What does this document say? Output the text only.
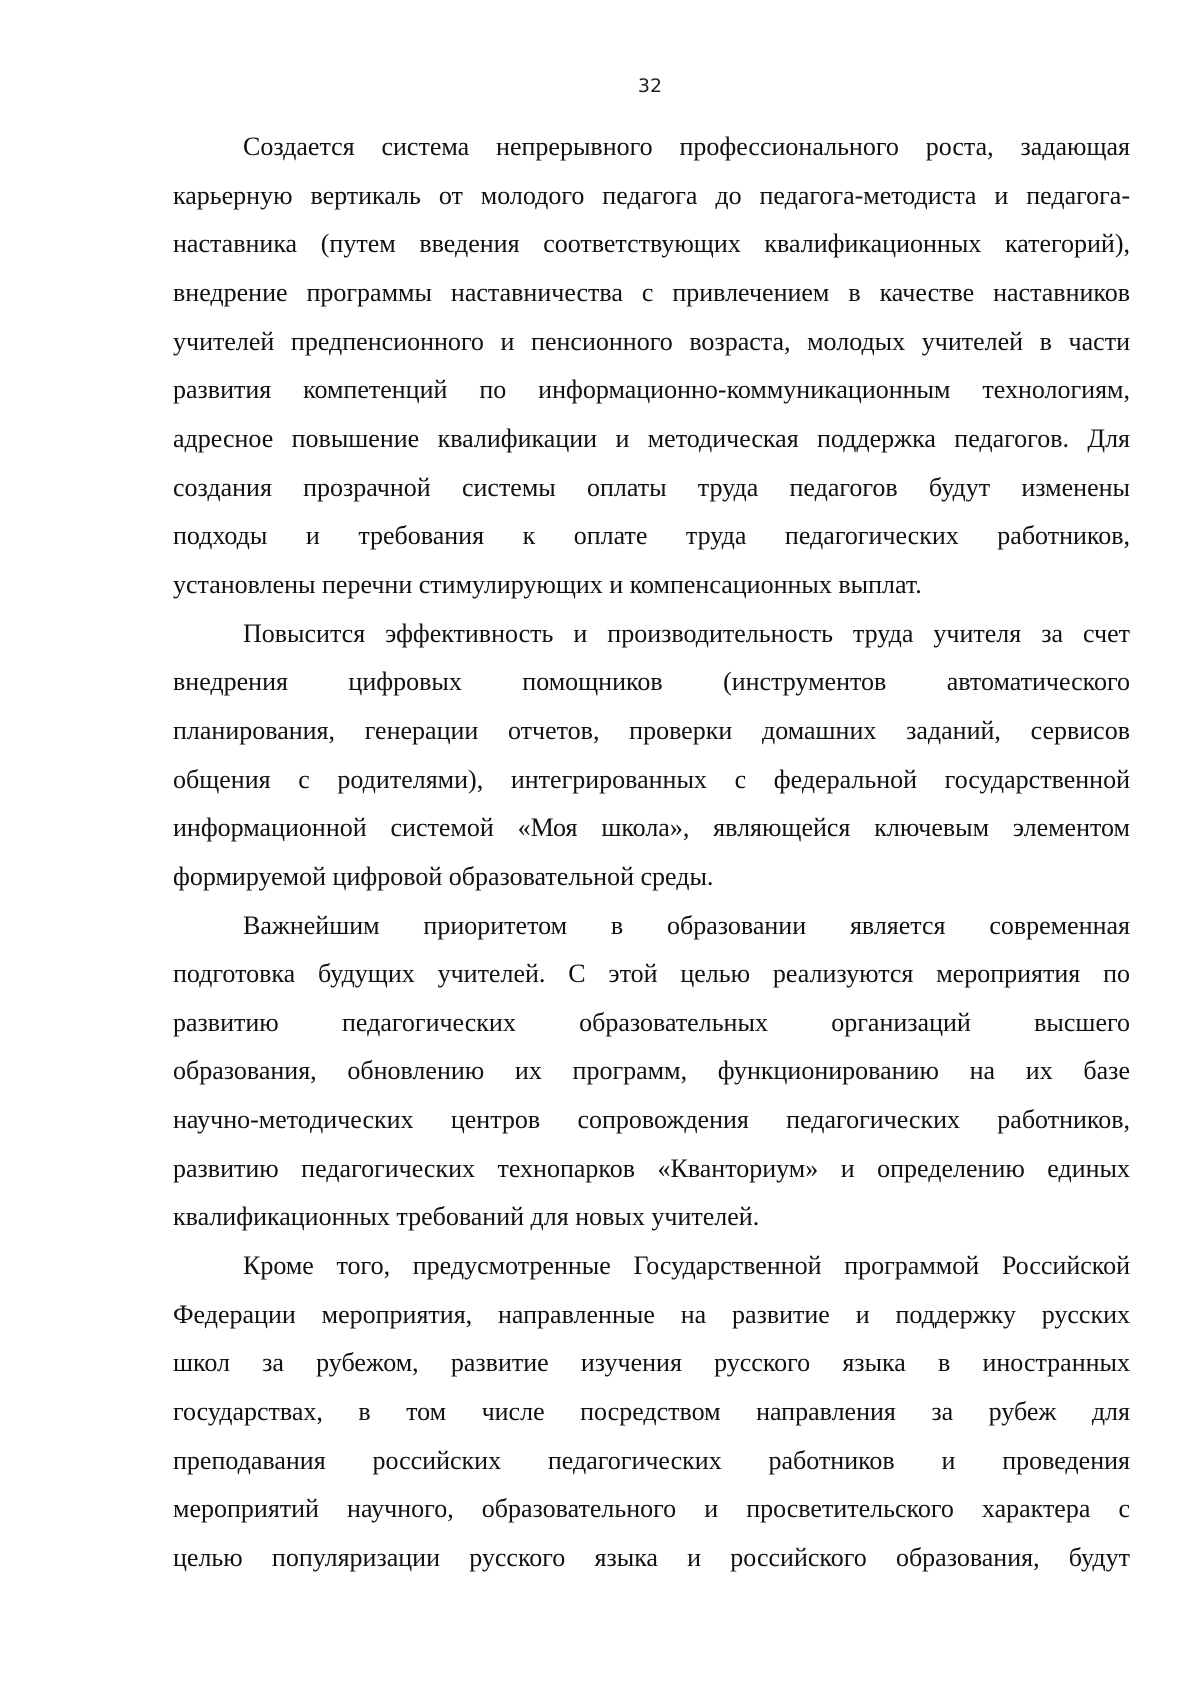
32
Создается система непрерывного профессионального роста, задающая
карьерную вертикаль от молодого педагога до педагога-методиста и педагога-
наставника (путем введения соответствующих квалификационных категорий),
внедрение программы наставничества с привлечением в качестве наставников
учителей предпенсионного и пенсионного возраста, молодых учителей в части
развития компетенций по информационно-коммуникационным технологиям,
адресное повышение квалификации и методическая поддержка педагогов. Для
создания прозрачной системы оплаты труда педагогов будут изменены
подходы и требования к оплате труда педагогических работников,
установлены перечни стимулирующих и компенсационных выплат.
Повысится эффективность и производительность труда учителя за счет
внедрения цифровых помощников (инструментов автоматического
планирования, генерации отчетов, проверки домашних заданий, сервисов
общения с родителями), интегрированных с федеральной государственной
информационной системой «Моя школа», являющейся ключевым элементом
формируемой цифровой образовательной среды.
Важнейшим приоритетом в образовании является современная
подготовка будущих учителей. С этой целью реализуются мероприятия по
развитию педагогических образовательных организаций высшего
образования, обновлению их программ, функционированию на их базе
научно-методических центров сопровождения педагогических работников,
развитию педагогических технопарков «Кванториум» и определению единых
квалификационных требований для новых учителей.
Кроме того, предусмотренные Государственной программой Российской
Федерации мероприятия, направленные на развитие и поддержку русских
школ за рубежом, развитие изучения русского языка в иностранных
государствах, в том числе посредством направления за рубеж для
преподавания российских педагогических работников и проведения
мероприятий научного, образовательного и просветительского характера с
целью популяризации русского языка и российского образования, будут
